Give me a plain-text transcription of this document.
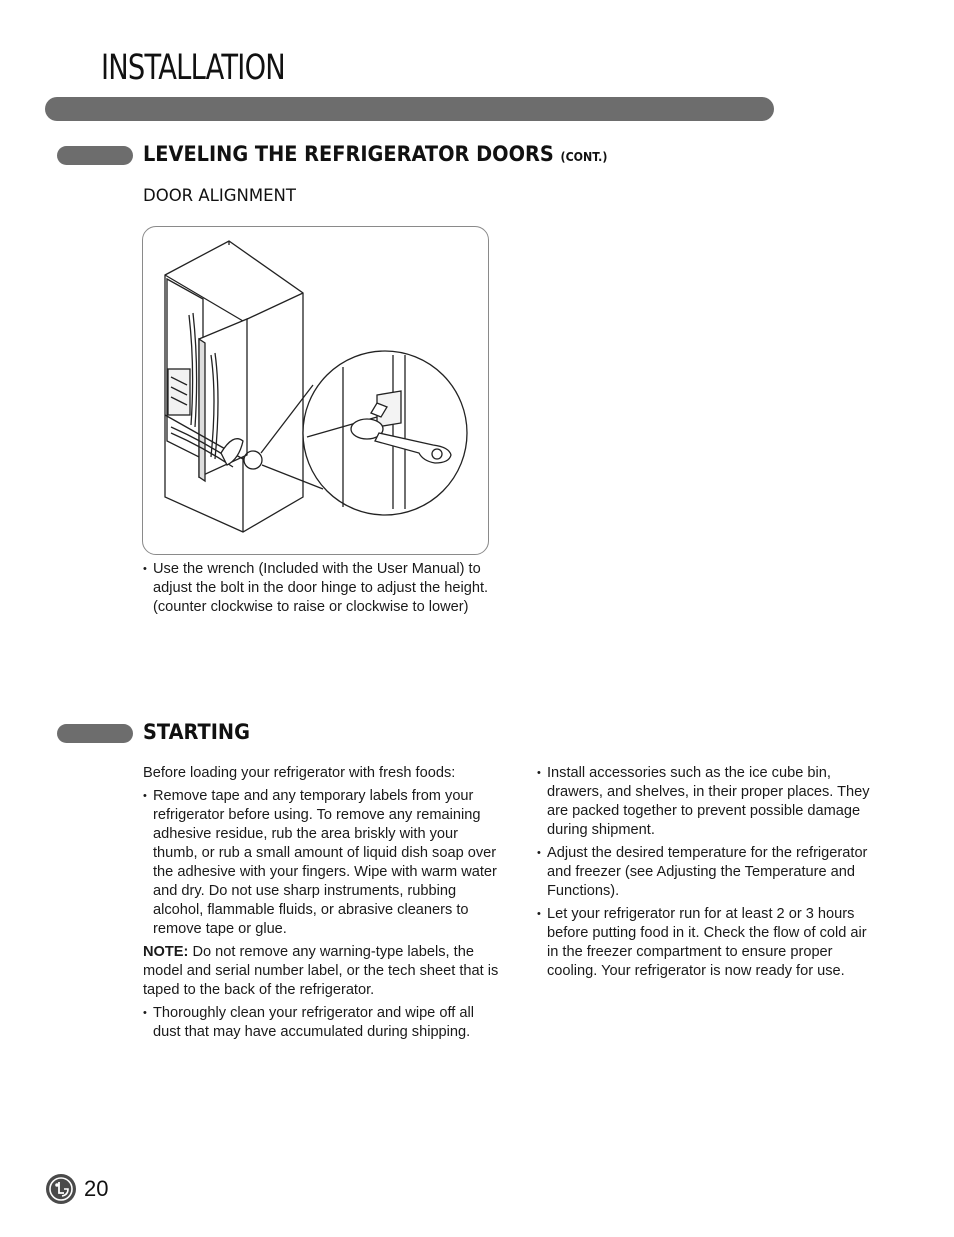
INSTALLATION
LEVELING THE REFRIGERATOR DOORS (CONT.)
DOOR ALIGNMENT
• Use the wrench (Included with the User Manual) to adjust the bolt in the door hinge to adjust the height. (counter clockwise to raise or clockwise to lower)
STARTING

Before loading your refrigerator with fresh foods:

• Remove tape and any temporary labels from your refrigerator before using. To remove any remaining adhesive residue, rub the area briskly with your thumb, or rub a small amount of liquid dish soap over the adhesive with your fingers. Wipe with warm water and dry. Do not use sharp instruments, rubbing alcohol, flammable fluids, or abrasive cleaners to remove tape or glue.

NOTE: Do not remove any warning-type labels, the model and serial number label, or the tech sheet that is taped to the back of the refrigerator.

• Thoroughly clean your refrigerator and wipe off all dust that may have accumulated during shipping.
• Install accessories such as the ice cube bin, drawers, and shelves, in their proper places. They are packed together to prevent possible damage during shipment.
• Adjust the desired temperature for the refrigerator and freezer (see Adjusting the Temperature and Functions).
• Let your refrigerator run for at least 2 or 3 hours before putting food in it. Check the flow of cold air in the freezer compartment to ensure proper cooling. Your refrigerator is now ready for use.
20
